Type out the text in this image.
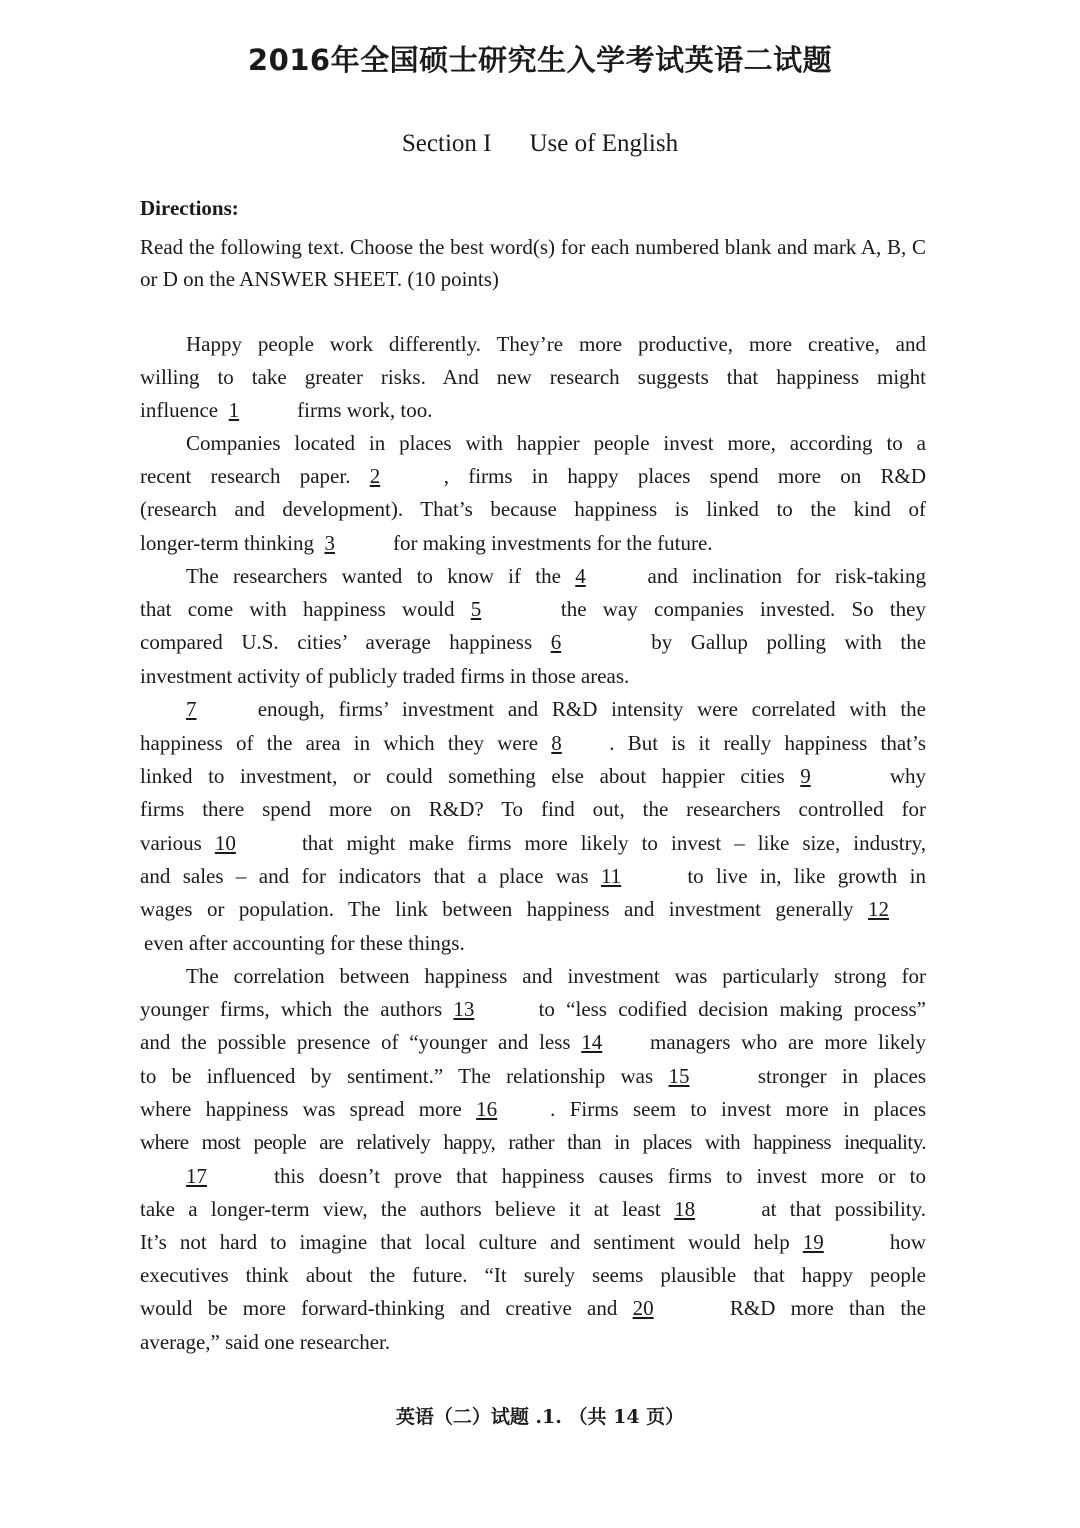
2016年全国硕士研究生入学考试英语二试题
Section I Use of English
Directions:
Read the following text. Choose the best word(s) for each numbered blank and mark A, B, C or D on the ANSWER SHEET. (10 points)
Happy people work differently. They’re more productive, more creative, and
willing to take greater risks. And new research suggests that happiness might
influence 1	firms work, too.
Companies located in places with happier people invest more, according to a
recent research paper. 2	, firms in happy places spend more on R&D
(research and development). That’s because happiness is linked to the kind of
longer-term thinking 3	for making investments for the future.
The researchers wanted to know if the 4	and inclination for risk-taking
that come with happiness would 5	the way companies invested. So they
compared U.S. cities’ average happiness 6	by Gallup polling with the
investment activity of publicly traded firms in those areas.
7	enough, firms’ investment and R&D intensity were correlated with the
happiness of the area in which they were 8 . But is it really happiness that’s
linked to investment, or could something else about happier cities 9	why
firms there spend more on R&D? To find out, the researchers controlled for
various 10	that might make firms more likely to invest – like size, industry,
and sales – and for indicators that a place was 11	to live in, like growth in
wages or population. The link between happiness and investment generally 12
even after accounting for these things.
The correlation between happiness and investment was particularly strong for
younger firms, which the authors 13	to “less codified decision making process”
and the possible presence of “younger and less 14 managers who are more likely
to be influenced by sentiment.” The relationship was 15	stronger in places
where happiness was spread more 16	. Firms seem to invest more in places
where most people are relatively happy, rather than in places with happiness inequality.
17	this doesn’t prove that happiness causes firms to invest more or to
take a longer-term view, the authors believe it at least 18	at that possibility.
It’s not hard to imagine that local culture and sentiment would help 19	how
executives think about the future. “It surely seems plausible that happy people
would be more forward-thinking and creative and 20	R&D more than the
average,” said one researcher.
英语（二）试题 .1. （共 14 页）
